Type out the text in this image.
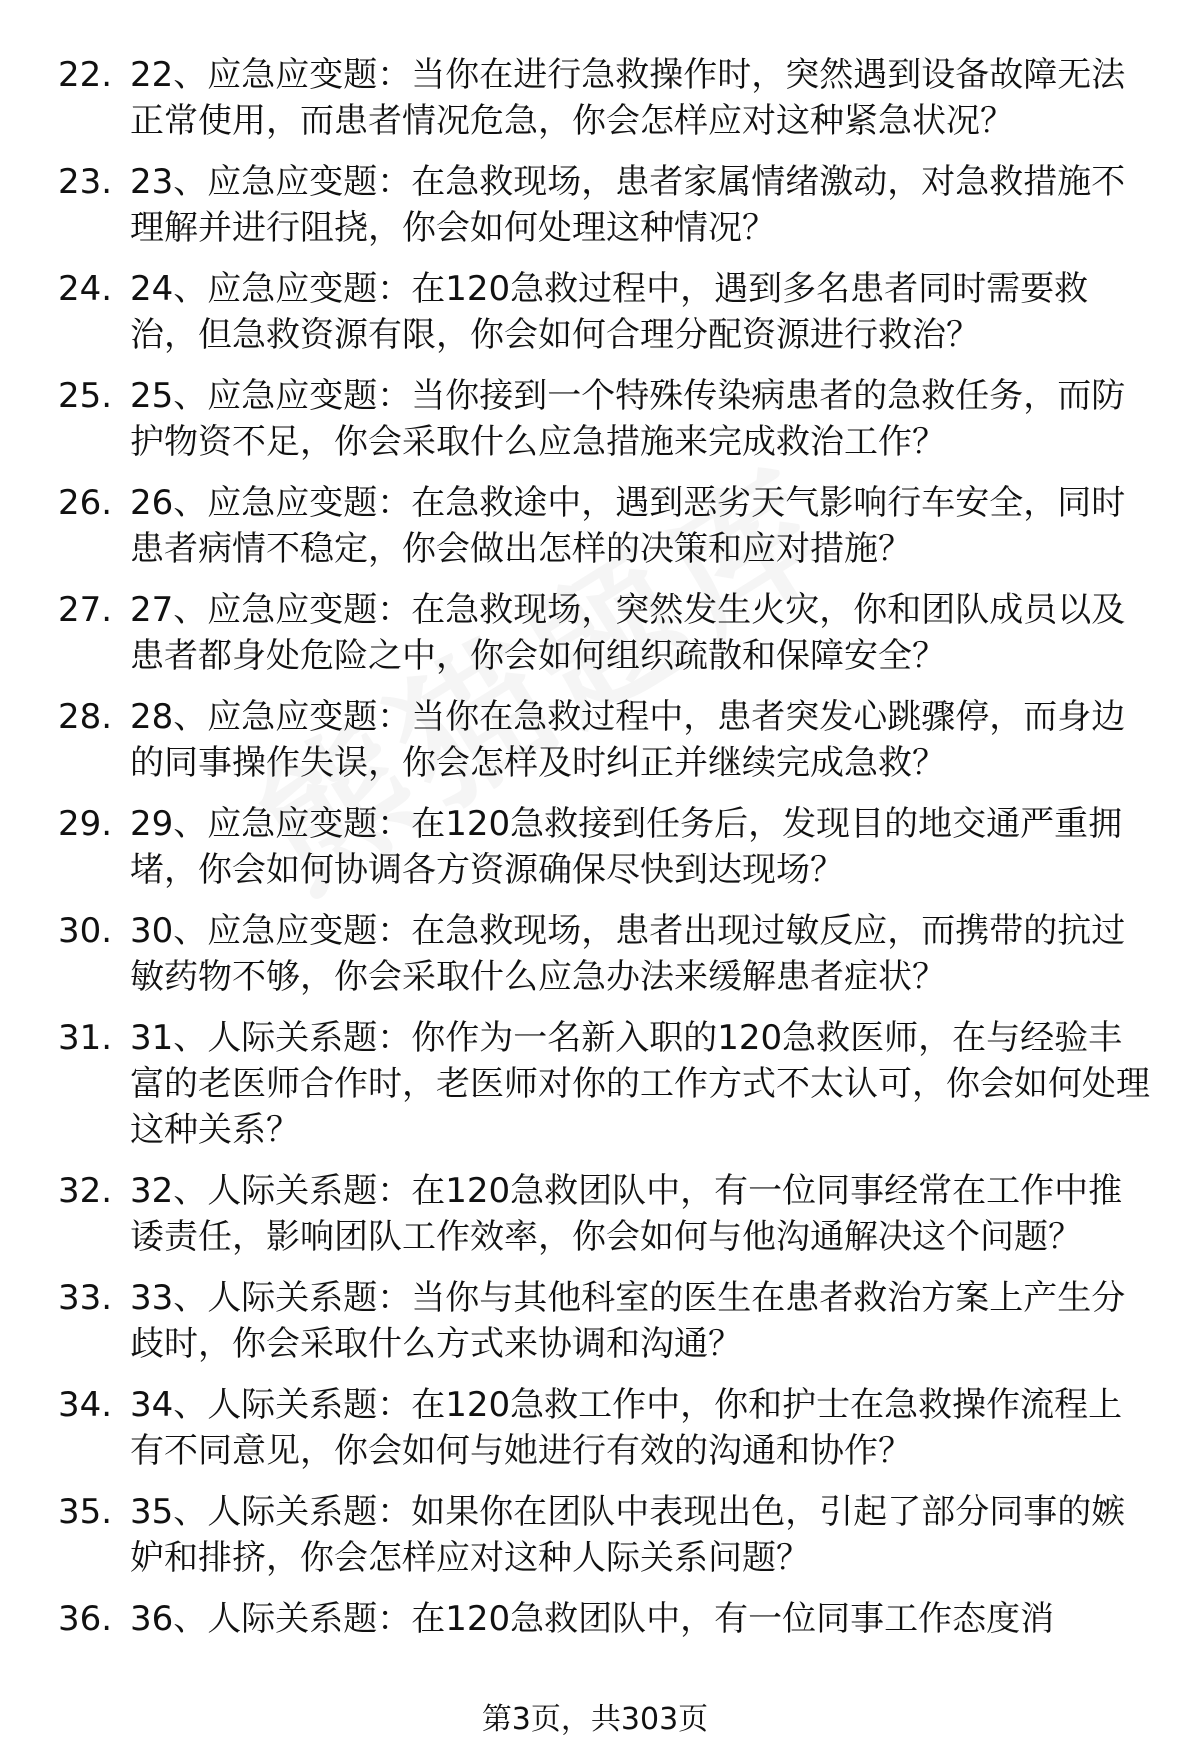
22. 22、应急应变题：当你在进行急救操作时，突然遇到设备故障无法正常使用，而患者情况危急，你会怎样应对这种紧急状况？
23. 23、应急应变题：在急救现场，患者家属情绪激动，对急救措施不理解并进行阻挠，你会如何处理这种情况？
24. 24、应急应变题：在120急救过程中，遇到多名患者同时需要救治，但急救资源有限，你会如何合理分配资源进行救治？
25. 25、应急应变题：当你接到一个特殊传染病患者的急救任务，而防护物资不足，你会采取什么应急措施来完成救治工作？
26. 26、应急应变题：在急救途中，遇到恶劣天气影响行车安全，同时患者病情不稳定，你会做出怎样的决策和应对措施？
27. 27、应急应变题：在急救现场，突然发生火灾，你和团队成员以及患者都身处危险之中，你会如何组织疏散和保障安全？
28. 28、应急应变题：当你在急救过程中，患者突发心跳骤停，而身边的同事操作失误，你会怎样及时纠正并继续完成急救？
29. 29、应急应变题：在120急救接到任务后，发现目的地交通严重拥堵，你会如何协调各方资源确保尽快到达现场？
30. 30、应急应变题：在急救现场，患者出现过敏反应，而携带的抗过敏药物不够，你会采取什么应急办法来缓解患者症状？
31. 31、人际关系题：你作为一名新入职的120急救医师，在与经验丰富的老医师合作时，老医师对你的工作方式不太认可，你会如何处理这种关系？
32. 32、人际关系题：在120急救团队中，有一位同事经常在工作中推诿责任，影响团队工作效率，你会如何与他沟通解决这个问题？
33. 33、人际关系题：当你与其他科室的医生在患者救治方案上产生分歧时，你会采取什么方式来协调和沟通？
34. 34、人际关系题：在120急救工作中，你和护士在急救操作流程上有不同意见，你会如何与她进行有效的沟通和协作？
35. 35、人际关系题：如果你在团队中表现出色，引起了部分同事的嫉妒和排挤，你会怎样应对这种人际关系问题？
36. 36、人际关系题：在120急救团队中，有一位同事工作态度消
第3页，共303页
